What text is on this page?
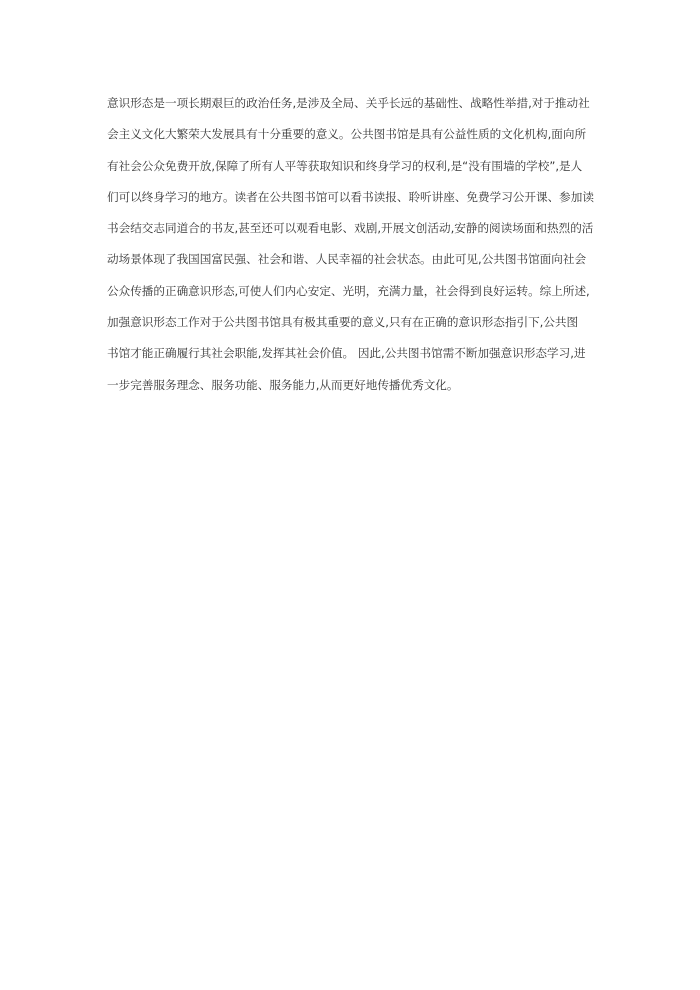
意识形态是一项长期艰巨的政治任务,是涉及全局、关乎长远的基础性、战略性举措,对于推动社
会主义文化大繁荣大发展具有十分重要的意义。公共图书馆是具有公益性质的文化机构,面向所
有社会公众免费开放,保障了所有人平等获取知识和终身学习的权利,是“没有围墙的学校”,是人
们可以终身学习的地方。读者在公共图书馆可以看书读报、聆听讲座、免费学习公开课、参加读
书会结交志同道合的书友,甚至还可以观看电影、戏剧,开展文创活动,安静的阅读场面和热烈的活
动场景体现了我国国富民强、社会和谐、人民幸福的社会状态。由此可见,公共图书馆面向社会
公众传播的正确意识形态,可使人们内心安定、光明，充满力量，社会得到良好运转。综上所述,
加强意识形态工作对于公共图书馆具有极其重要的意义,只有在正确的意识形态指引下,公共图
书馆才能正确履行其社会职能,发挥其社会价值。 因此,公共图书馆需不断加强意识形态学习,进
一步完善服务理念、服务功能、服务能力,从而更好地传播优秀文化。
